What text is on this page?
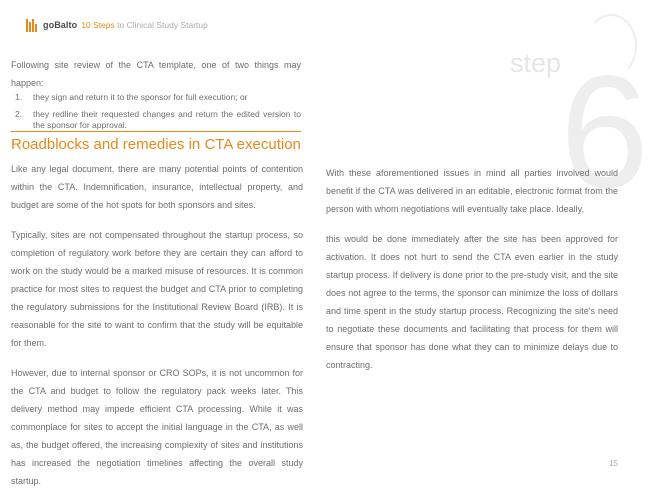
goBalto 10 Steps to Clinical Study Startup
step
6
Following site review of the CTA template, one of two things may happen:
1.	they sign and return it to the sponsor for full execution; or
2.	they redline their requested changes and return the edited version to the sponsor for approval.
Roadblocks and remedies in CTA execution

Like any legal document, there are many potential points of contention within the CTA. Indemnification, insurance, intellectual property, and budget are some of the hot spots for both sponsors and sites.

Typically, sites are not compensated throughout the startup process, so completion of regulatory work before they are certain they can afford to work on the study would be a marked misuse of resources. It is common practice for most sites to request the budget and CTA prior to completing the regulatory submissions for the Institutional Review Board (IRB). It is reasonable for the site to want to confirm that the study will be equitable for them.

However, due to internal sponsor or CRO SOPs, it is not uncommon for the CTA and budget to follow the regulatory pack weeks later. This delivery method may impede efficient CTA processing. While it was commonplace for sites to accept the initial language in the CTA, as well as, the budget offered, the increasing complexity of sites and institutions has increased the negotiation timelines affecting the overall study startup.

With these aforementioned issues in mind all parties involved would benefit if the CTA was delivered in an editable, electronic format from the person with whom negotiations will eventually take place. Ideally,

this would be done immediately after the site has been approved for activation. It does not hurt to send the CTA even earlier in the study startup process. If delivery is done prior to the pre-study visit, and the site does not agree to the terms, the sponsor can minimize the loss of dollars and time spent in the study startup process. Recognizing the site's need to negotiate these documents and facilitating that process for them will ensure that sponsor has done what they can to minimize delays due to contracting.

15
